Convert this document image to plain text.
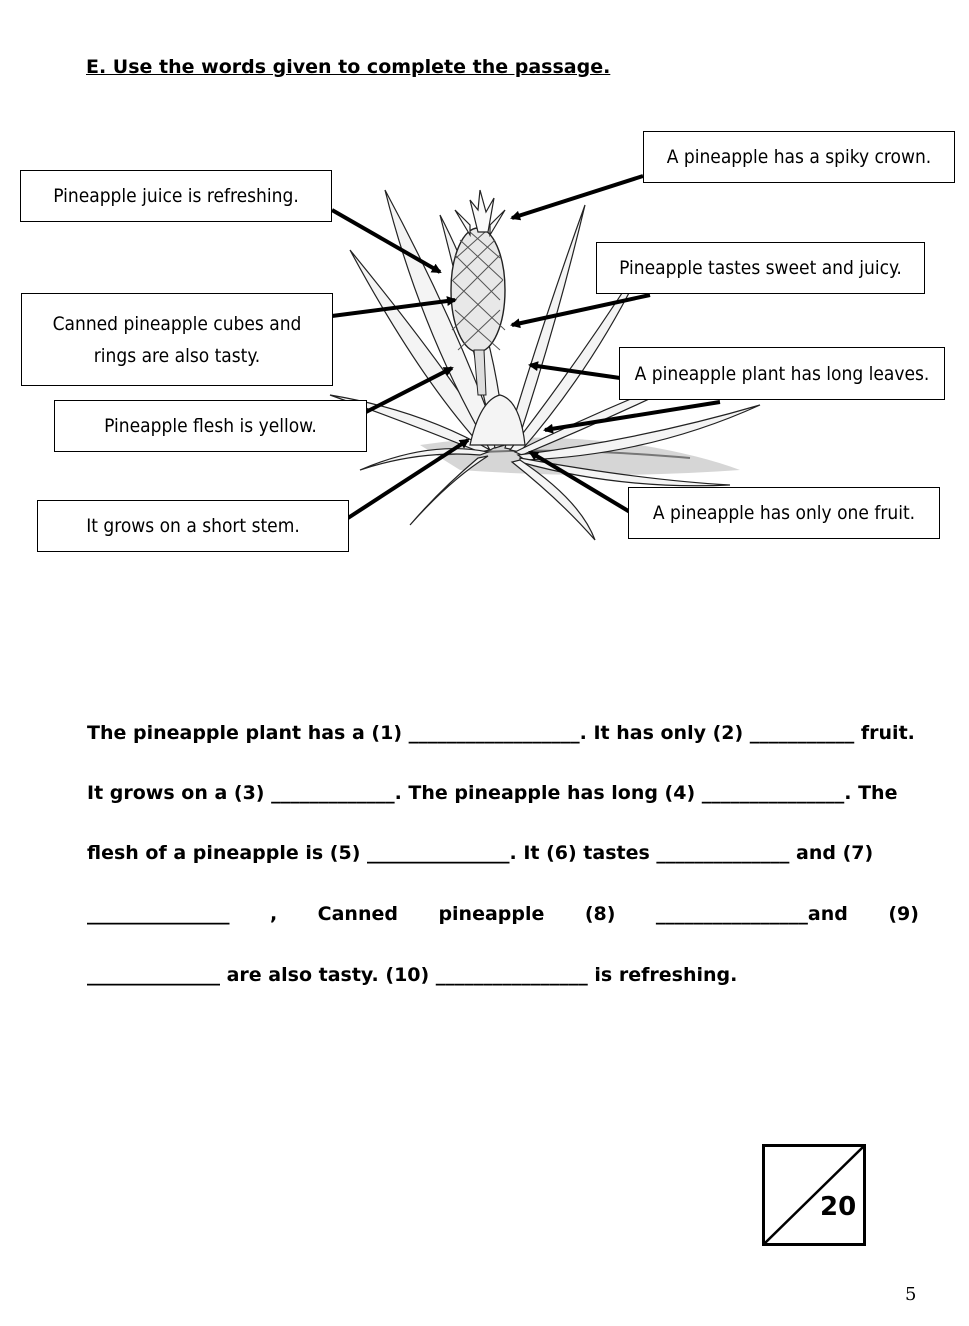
E. Use the words given to complete the passage.
A pineapple has a spiky crown.
Pineapple juice is refreshing.
Pineapple tastes sweet and juicy.
Canned pineapple cubes and
rings are also tasty.
A pineapple plant has long leaves.
Pineapple flesh is yellow.
A pineapple has only one fruit.
It grows on a short stem.
The pineapple plant has a (1) __________________. It has only (2) ___________ fruit.
It grows on a (3) _____________. The pineapple has long (4) _______________. The
flesh of a pineapple is (5) _______________. It (6) tastes ______________ and (7)
_______________ , Canned pineapple (8) ________________and (9)
______________ are also tasty. (10) ________________ is refreshing.
20
5
